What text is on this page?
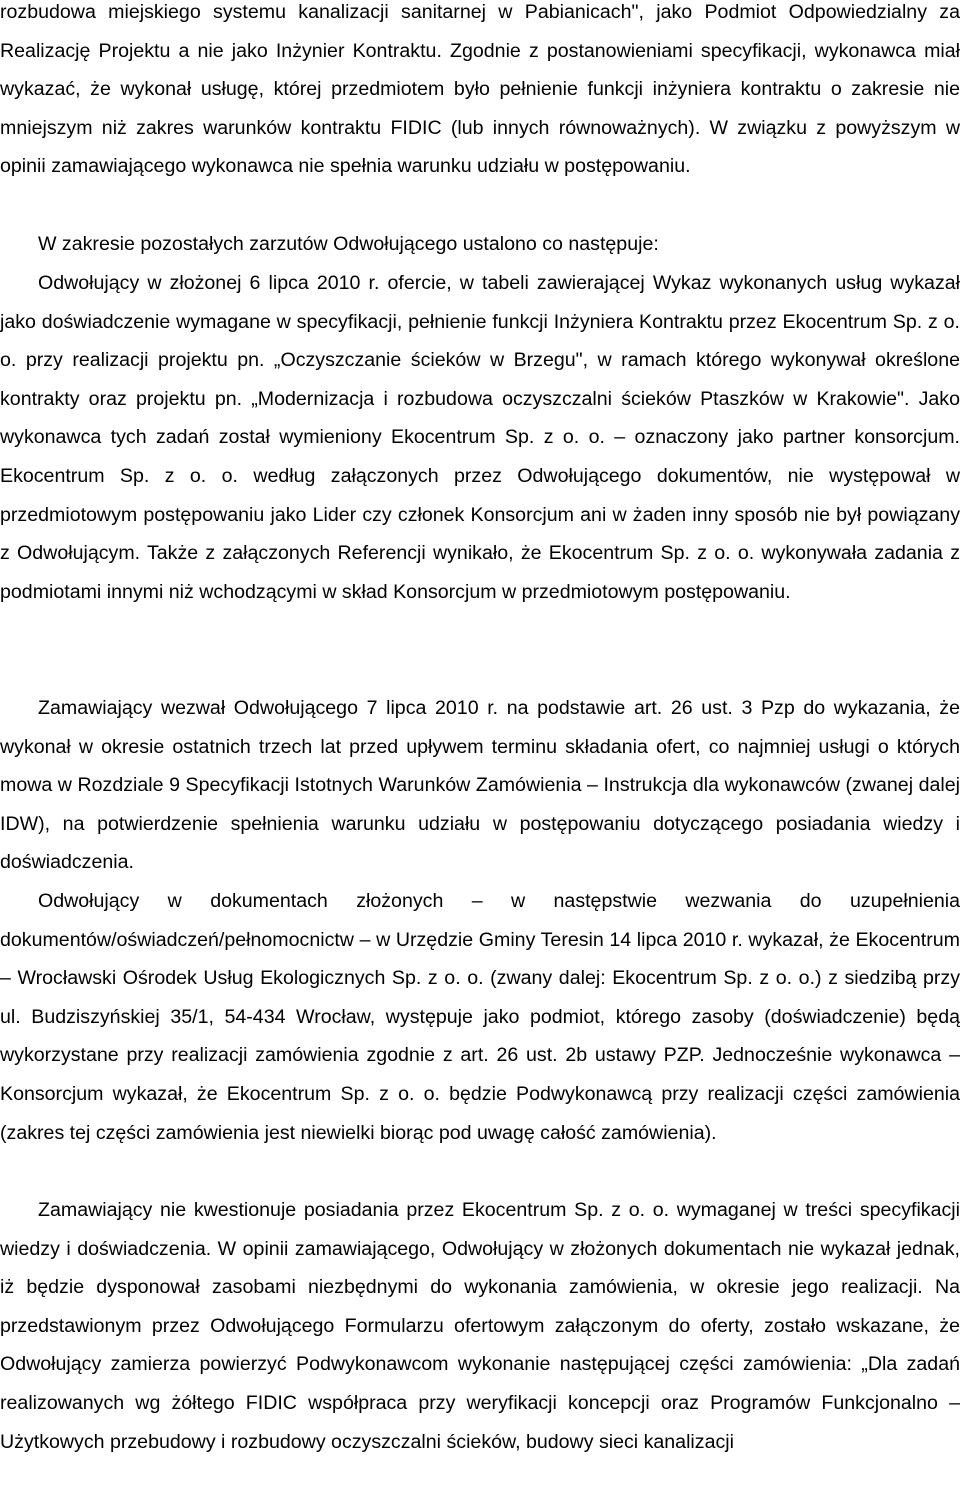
rozbudowa miejskiego systemu kanalizacji sanitarnej w Pabianicach", jako Podmiot Odpowiedzialny za Realizację Projektu a nie jako Inżynier Kontraktu. Zgodnie z postanowieniami specyfikacji, wykonawca miał wykazać, że wykonał usługę, której przedmiotem było pełnienie funkcji inżyniera kontraktu o zakresie nie mniejszym niż zakres warunków kontraktu FIDIC (lub innych równoważnych). W związku z powyższym w opinii zamawiającego wykonawca nie spełnia warunku udziału w postępowaniu.

W zakresie pozostałych zarzutów Odwołującego ustalono co następuje:

Odwołujący w złożonej 6 lipca 2010 r. ofercie, w tabeli zawierającej Wykaz wykonanych usług wykazał jako doświadczenie wymagane w specyfikacji, pełnienie funkcji Inżyniera Kontraktu przez Ekocentrum Sp. z o. o. przy realizacji projektu pn. „Oczyszczanie ścieków w Brzegu", w ramach którego wykonywał określone kontrakty oraz projektu pn. „Modernizacja i rozbudowa oczyszczalni ścieków Ptaszków w Krakowie". Jako wykonawca tych zadań został wymieniony Ekocentrum Sp. z o. o. – oznaczony jako partner konsorcjum. Ekocentrum Sp. z o. o. według załączonych przez Odwołującego dokumentów, nie występował w przedmiotowym postępowaniu jako Lider czy członek Konsorcjum ani w żaden inny sposób nie był powiązany z Odwołującym. Także z załączonych Referencji wynikało, że Ekocentrum Sp. z o. o. wykonywała zadania z podmiotami innymi niż wchodzącymi w skład Konsorcjum w przedmiotowym postępowaniu.

Zamawiający wezwał Odwołującego 7 lipca 2010 r. na podstawie art. 26 ust. 3 Pzp do wykazania, że wykonał w okresie ostatnich trzech lat przed upływem terminu składania ofert, co najmniej usługi o których mowa w Rozdziale 9 Specyfikacji Istotnych Warunków Zamówienia – Instrukcja dla wykonawców (zwanej dalej IDW), na potwierdzenie spełnienia warunku udziału w postępowaniu dotyczącego posiadania wiedzy i doświadczenia.

Odwołujący w dokumentach złożonych – w następstwie wezwania do uzupełnienia dokumentów/oświadczeń/pełnomocnictw – w Urzędzie Gminy Teresin 14 lipca 2010 r. wykazał, że Ekocentrum – Wrocławski Ośrodek Usług Ekologicznych Sp. z o. o. (zwany dalej: Ekocentrum Sp. z o. o.) z siedzibą przy ul. Budziszyńskiej 35/1, 54-434 Wrocław, występuje jako podmiot, którego zasoby (doświadczenie) będą wykorzystane przy realizacji zamówienia zgodnie z art. 26 ust. 2b ustawy PZP. Jednocześnie wykonawca – Konsorcjum wykazał, że Ekocentrum Sp. z o. o. będzie Podwykonawcą przy realizacji części zamówienia (zakres tej części zamówienia jest niewielki biorąc pod uwagę całość zamówienia).

Zamawiający nie kwestionuje posiadania przez Ekocentrum Sp. z o. o. wymaganej w treści specyfikacji wiedzy i doświadczenia. W opinii zamawiającego, Odwołujący w złożonych dokumentach nie wykazał jednak, iż będzie dysponował zasobami niezbędnymi do wykonania zamówienia, w okresie jego realizacji. Na przedstawionym przez Odwołującego Formularzu ofertowym załączonym do oferty, zostało wskazane, że Odwołujący zamierza powierzyć Podwykonawcom wykonanie następującej części zamówienia: „Dla zadań realizowanych wg żółtego FIDIC współpraca przy weryfikacji koncepcji oraz Programów Funkcjonalno – Użytkowych przebudowy i rozbudowy oczyszczalni ścieków, budowy sieci kanalizacji
